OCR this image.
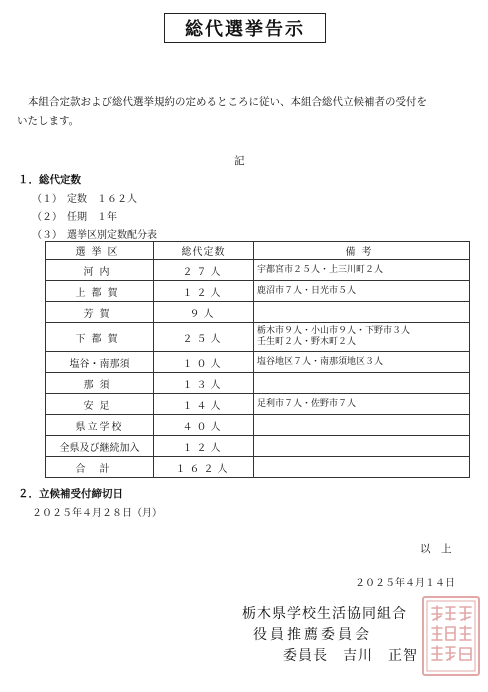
総代選挙告示
本組合定款および総代選挙規約の定めるところに従い、本組合総代立候補者の受付を
いたします。
記
１．総代定数
（１）　定数　１６２人
（２）　任期　１年
（３）　選挙区別定数配分表
選挙区	総代定数	備考
河内	２７人	宇都宮市２５人・上三川町２人

上都賀	１２人	鹿沼市７人・日光市５人

芳賀	９人	
下都賀	２５人	栃木市９人・小山市９人・下野市３人
壬生町２人・野木町２人

塩谷・南那須	１０人	塩谷地区７人・南那須地区３人

那須	１３人	
安足	１４人	足利市７人・佐野市７人

県立学校	４０人	
全県及び継続加入	１２人	
合計	１６２人	
２．立候補受付締切日
２０２５年４月２８日（月）
以　上
２０２５年４月１４日
栃木県学校生活協同組合
役員推薦委員会
委員長　吉川　正智
